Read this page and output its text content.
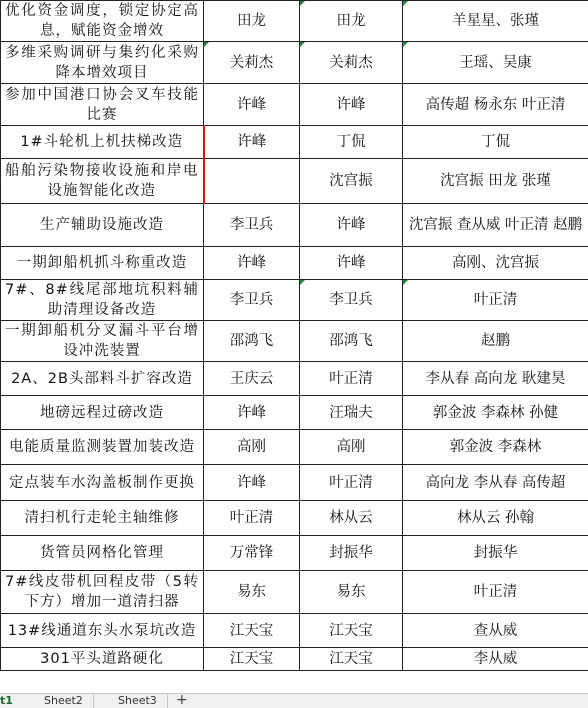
优化资金调度，锁定协定高息，赋能资金增效	田龙	田龙	羊星星、张瑾
多维采购调研与集约化采购降本增效项目	关莉杰	关莉杰	王瑶、吴康
参加中国港口协会叉车技能比赛	许峰	许峰	高传超 杨永东 叶正清
1#斗轮机上机扶梯改造	许峰	丁侃	丁侃
船舶污染物接收设施和岸电设施智能化改造		沈宫振	沈宫振 田龙 张瑾
生产辅助设施改造	李卫兵	许峰	沈宫振 查从威 叶正清 赵鹏
一期卸船机抓斗称重改造	许峰	许峰	高刚、沈宫振
7#、8#线尾部地坑积料辅助清理设备改造	李卫兵	李卫兵	叶正清
一期卸船机分叉漏斗平台增设冲洗装置	邵鸿飞	邵鸿飞	赵鹏
2A、2B头部料斗扩容改造	王庆云	叶正清	李从春 高向龙 耿建昊
地磅远程过磅改造	许峰	汪瑞夫	郭金波 李森林 孙健
电能质量监测装置加装改造	高刚	高刚	郭金波 李森林
定点装车水沟盖板制作更换	许峰	叶正清	高向龙 李从春 高传超
清扫机行走轮主轴维修	叶正清	林从云	林从云 孙翰
货管员网格化管理	万常锋	封振华	封振华
7#线皮带机回程皮带（5转下方）增加一道清扫器	易东	易东	叶正清
13#线通道东头水泵坑改造	江天宝	江天宝	查从威
301平头道路硬化	江天宝	江天宝	李从威
t1	Sheet2	Sheet3	+
